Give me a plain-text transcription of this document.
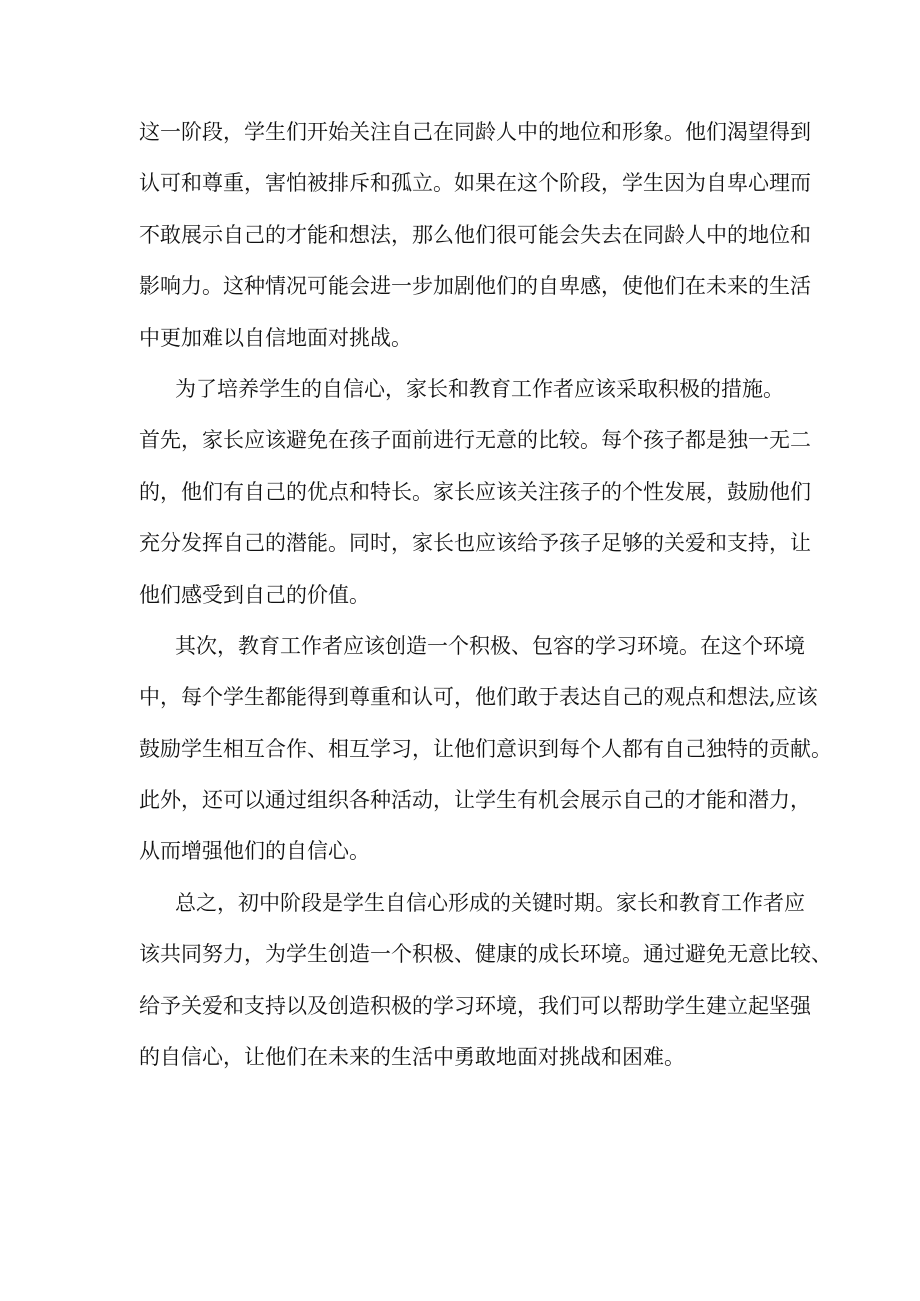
这一阶段，学生们开始关注自己在同龄人中的地位和形象。他们渴望得到
认可和尊重，害怕被排斥和孤立。如果在这个阶段，学生因为自卑心理而
不敢展示自己的才能和想法，那么他们很可能会失去在同龄人中的地位和
影响力。这种情况可能会进一步加剧他们的自卑感，使他们在未来的生活
中更加难以自信地面对挑战。
为了培养学生的自信心，家长和教育工作者应该采取积极的措施。
首先，家长应该避免在孩子面前进行无意的比较。每个孩子都是独一无二
的，他们有自己的优点和特长。家长应该关注孩子的个性发展，鼓励他们
充分发挥自己的潜能。同时，家长也应该给予孩子足够的关爱和支持，让
他们感受到自己的价值。
其次，教育工作者应该创造一个积极、包容的学习环境。在这个环境
中，每个学生都能得到尊重和认可，他们敢于表达自己的观点和想法,应该
鼓励学生相互合作、相互学习，让他们意识到每个人都有自己独特的贡献。
此外，还可以通过组织各种活动，让学生有机会展示自己的才能和潜力，
从而增强他们的自信心。
总之，初中阶段是学生自信心形成的关键时期。家长和教育工作者应
该共同努力，为学生创造一个积极、健康的成长环境。通过避免无意比较、
给予关爱和支持以及创造积极的学习环境，我们可以帮助学生建立起坚强
的自信心，让他们在未来的生活中勇敢地面对挑战和困难。
